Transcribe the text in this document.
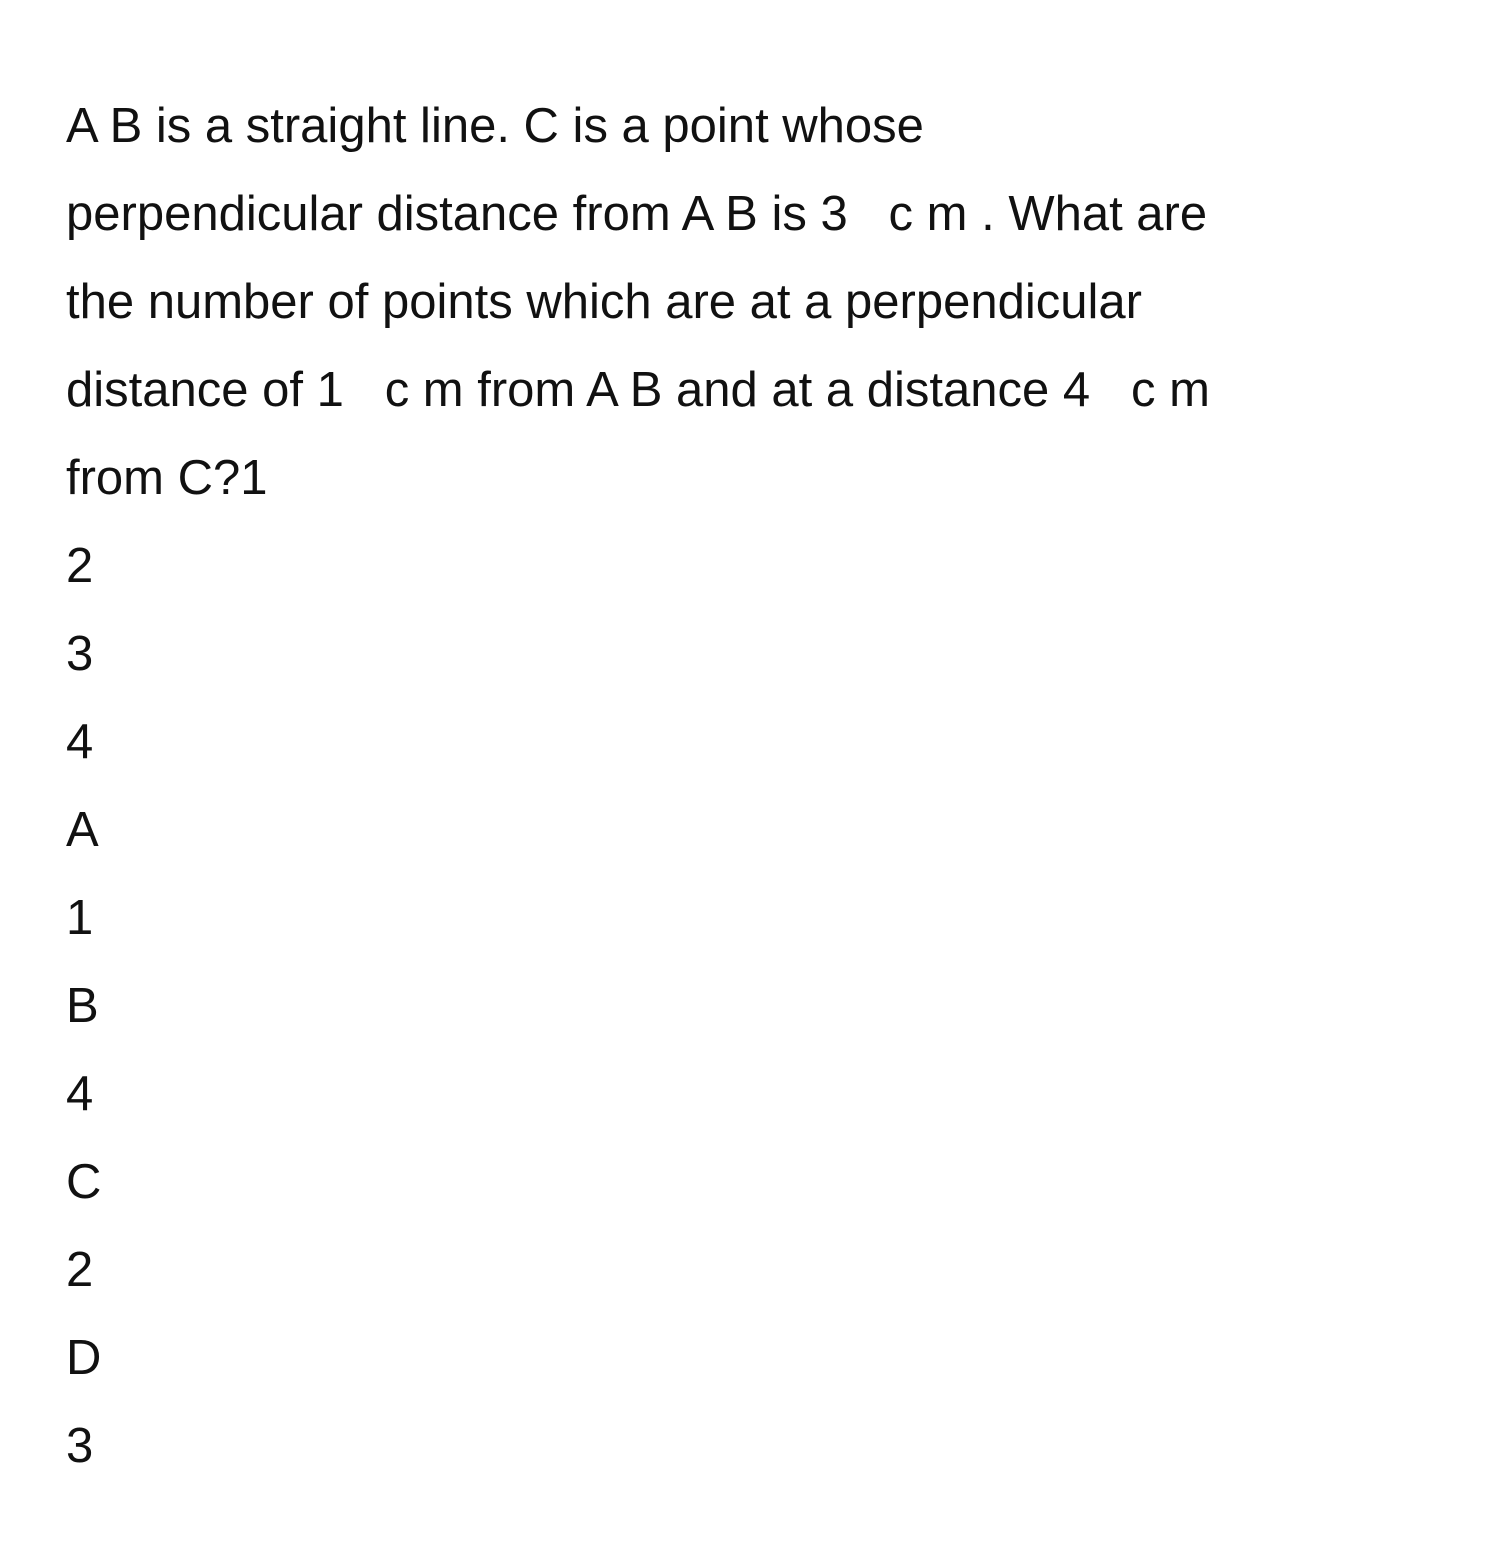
A B is a straight line. C is a point whose
perpendicular distance from A B is 3   c m . What are
the number of points which are at a perpendicular
distance of 1   c m from A B and at a distance 4   c m
from C?1
2
3
4
A
1
B
4
C
2
D
3
